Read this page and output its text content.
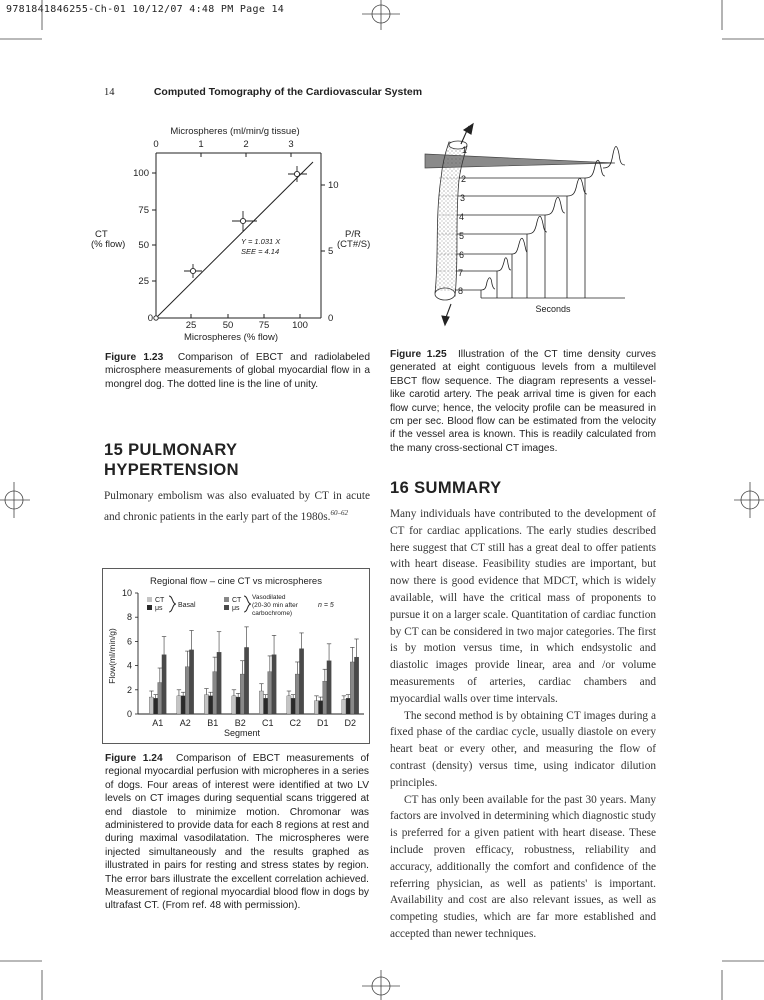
9781841846255-Ch-01 10/12/07 4:48 PM Page 14
14	Computed Tomography of the Cardiovascular System
Microspheres (ml/min/g tissue)
0	1	2	3
100
75
50
25
0
CT
(% flow)
10
5
0
P/R
(CT#/S)
25	50	75 100
Microspheres (% flow)
Y = 1.031 X
SEE = 4.14
Figure 1.23 Comparison of EBCT and radiolabeled microsphere measurements of global myocardial flow in a mongrel dog. The dotted line is the line of unity.
1
2
3
4
5
6
7
8
Seconds
Figure 1.25 Illustration of the CT time density curves generated at eight contiguous levels from a multilevel EBCT flow sequence. The diagram represents a vessel-like carotid artery. The peak arrival time is given for each flow curve; hence, the velocity profile can be measured in cm per sec. Blood flow can be estimated from the velocity if the vessel area is known. This is readily calculated from the many cross-sectional CT images.
15 PULMONARY
HYPERTENSION
Pulmonary embolism was also evaluated by CT in acute and chronic patients in the early part of the 1980s.$^{60-62}$
Regional flow – cine CT vs microspheres
Flow(ml/min/g)
Segment
CT
μs Basal
CT
μs
Vasodilated
(20-30 min after
carbochrome)
n = 5
0
2
4
6
8
10
A1 A2 B1 B2 C1 C2 D1 D2
Figure 1.24 Comparison of EBCT measurements of regional myocardial perfusion with micropheres in a series of dogs. Four areas of interest were identified at two LV levels on CT images during sequential scans triggered at end diastole to minimize motion. Chromonar was administered to provide data for each 8 regions at rest and during maximal vasodilatation. The microspheres were injected simultaneously and the results graphed as illustrated in pairs for resting and stress states by region. The error bars illustrate the excellent correlation achieved. Measurement of regional myocardial blood flow in dogs by ultrafast CT. (From ref. 48 with permission).
16 SUMMARY

Many individuals have contributed to the development of CT for cardiac applications. The early studies described here suggest that CT still has a great deal to offer patients with heart disease. Feasibility studies are important, but now there is good evidence that MDCT, which is widely available, will have the critical mass of proponents to pursue it on a larger scale. Quantitation of cardiac function by CT can be considered in two major categories. The first is by motion versus time, in which endsystolic and diastolic images provide linear, area and /or volume measurements of arteries, cardiac chambers and myocardial walls over time intervals.

The second method is by obtaining CT images during a fixed phase of the cardiac cycle, usually diastole on every heart beat or every other, and measuring the flow of contrast (density) versus time, using indicator dilution principles.

CT has only been available for the past 30 years. Many factors are involved in determining which diagnostic study is preferred for a given patient with heart disease. These include proven efficacy, robustness, reliability and accuracy, additionally the comfort and confidence of the referring physician, as well as patients' is important. Availability and cost are also relevant issues, as well as competing studies, which are far more established and accepted than newer techniques.
